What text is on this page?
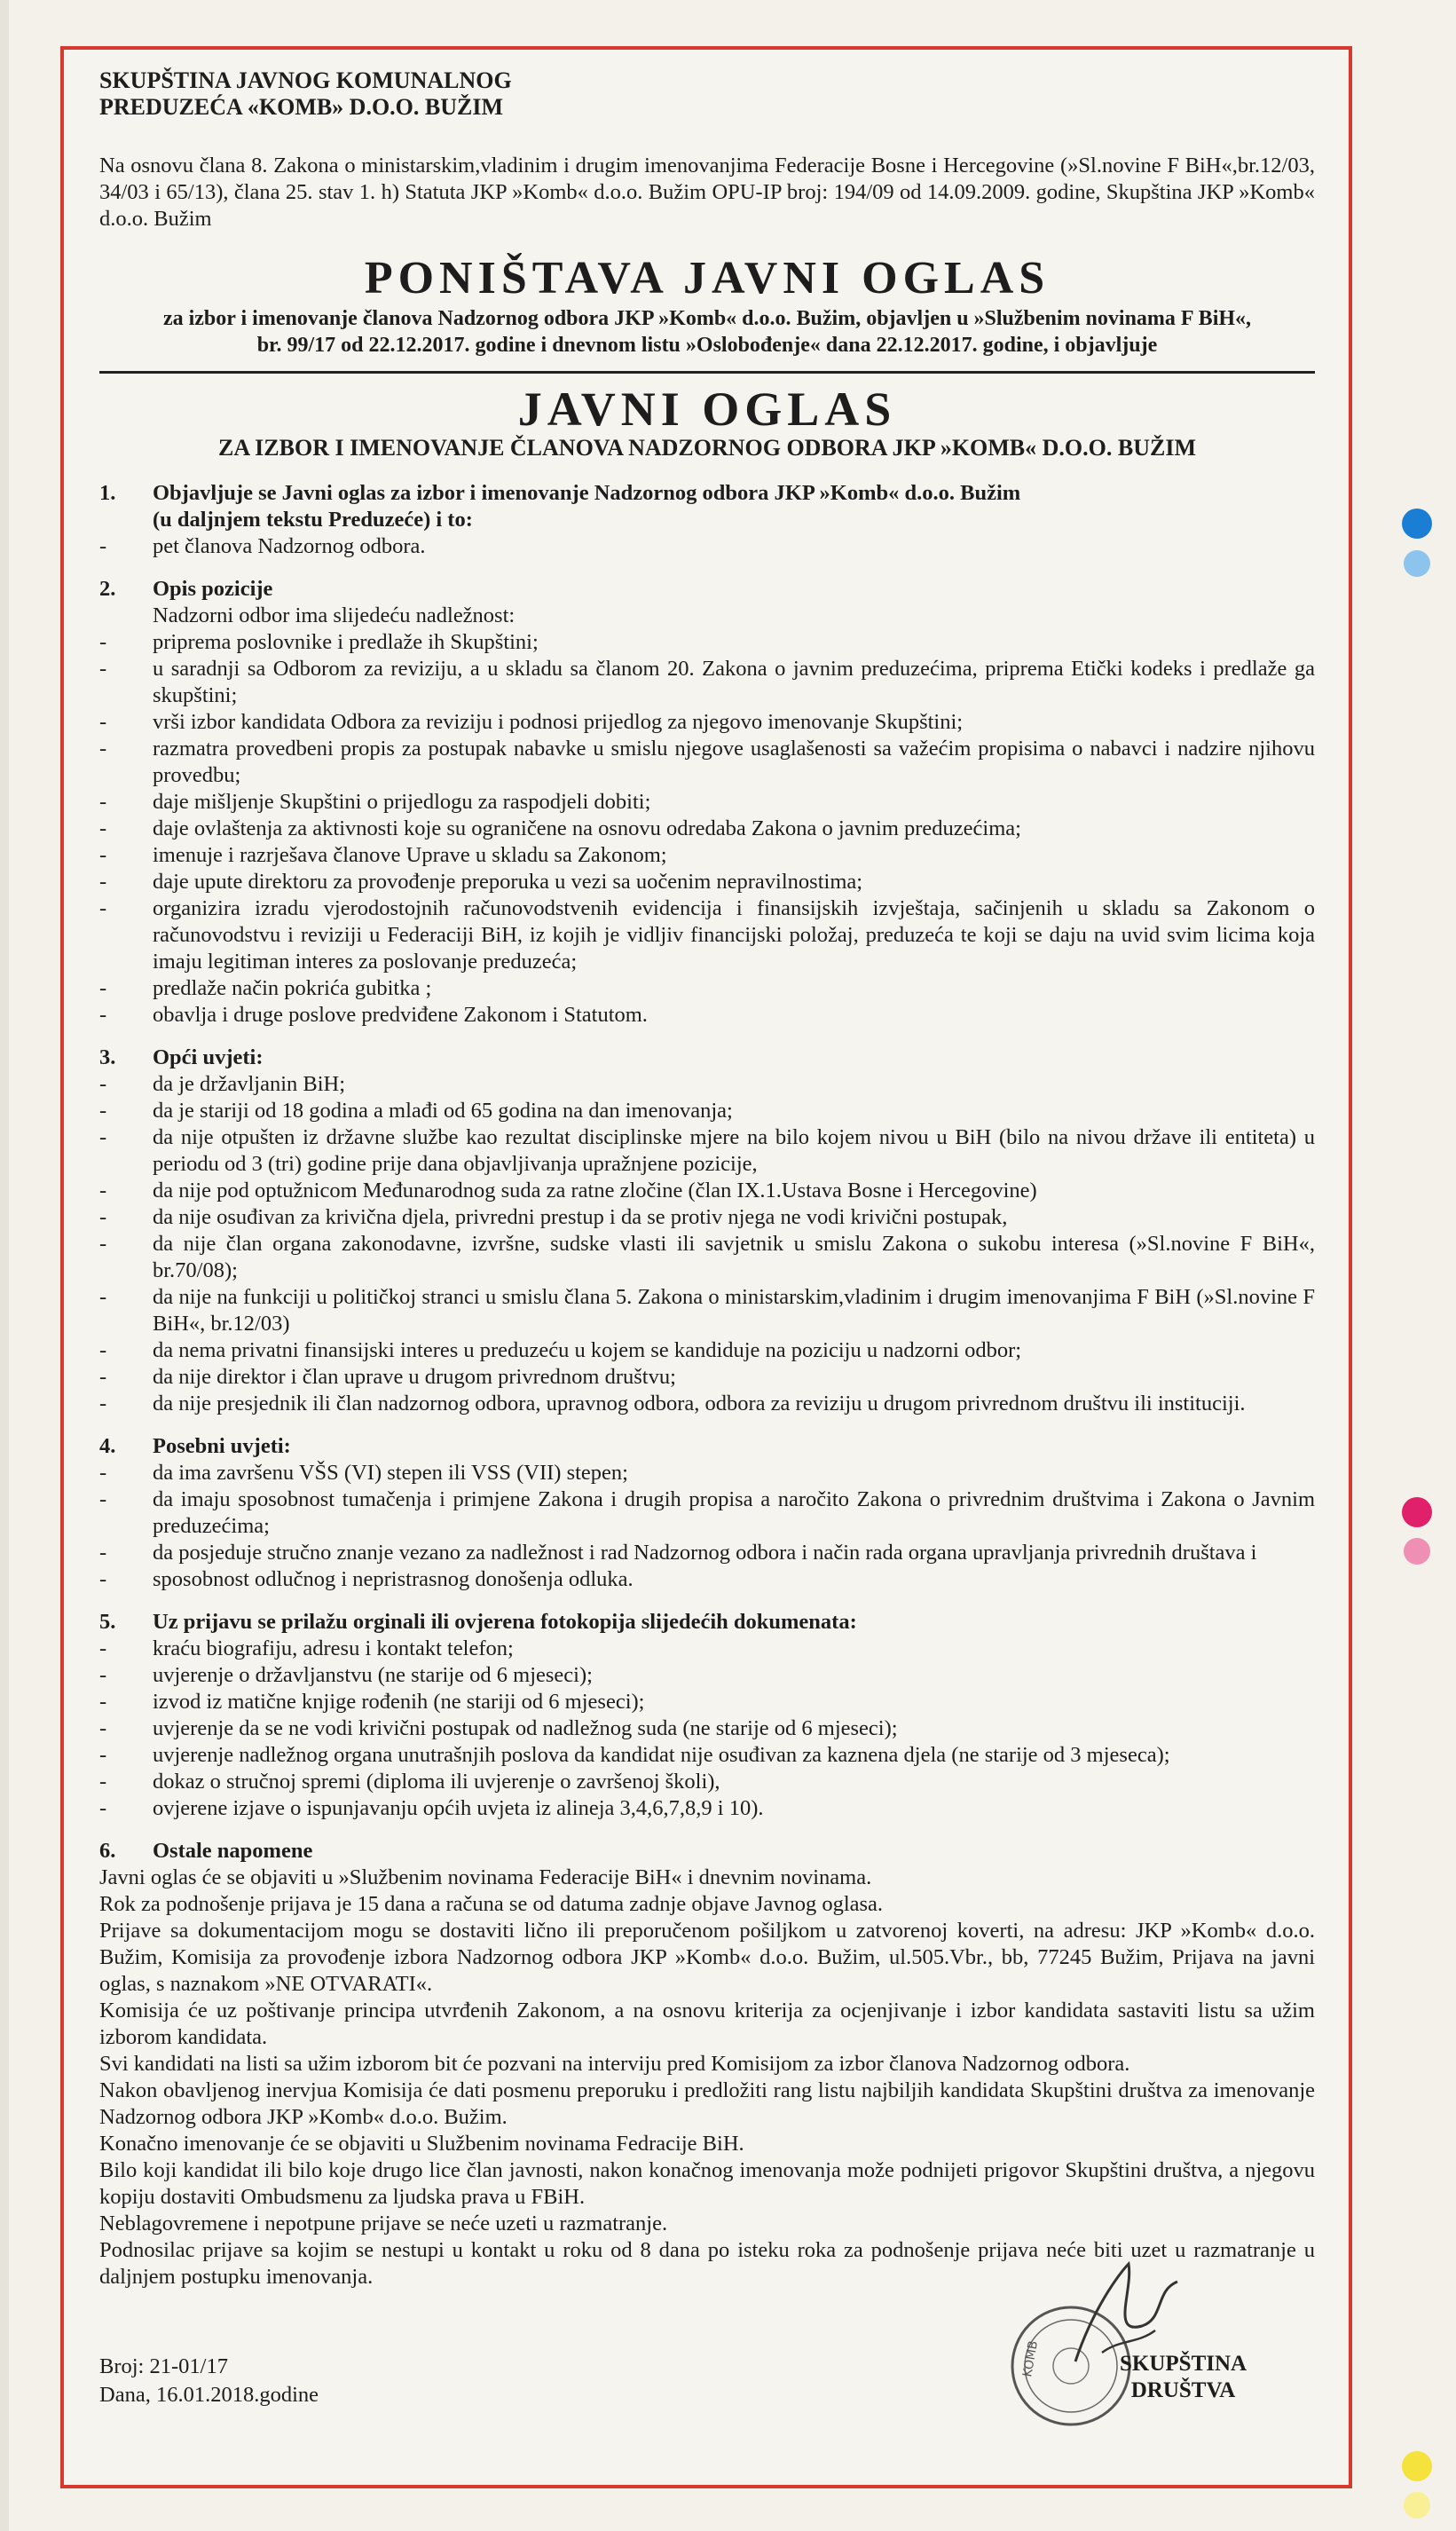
SKUPŠTINA JAVNOG KOMUNALNOG

PREDUZEĆA «KOMB» D.O.O. BUŽIM

Na osnovu člana 8. Zakona o ministarskim,vladinim i drugim imenovanjima Federacije Bosne i Hercegovine (»Sl.novine F BiH«,br.12/03, 34/03 i 65/13), člana 25. stav 1. h) Statuta JKP »Komb« d.o.o. Bužim OPU-IP broj: 194/09 od 14.09.2009. godine, Skupština JKP »Komb« d.o.o. Bužim

PONIŠTAVA JAVNI OGLAS

za izbor i imenovanje članova Nadzornog odbora JKP »Komb« d.o.o. Bužim, objavljen u »Službenim novinama F BiH«,

br. 99/17 od 22.12.2017. godine i dnevnom listu »Oslobođenje« dana 22.12.2017. godine, i objavljuje

JAVNI OGLAS

ZA IZBOR I IMENOVANJE ČLANOVA NADZORNOG ODBORA JKP »KOMB« D.O.O. BUŽIM

1.	Objavljuje se Javni oglas za izbor i imenovanje Nadzornog odbora JKP »Komb« d.o.o. Bužim
(u daljnjem tekstu Preduzeće) i to:
-	pet članova Nadzornog odbora.
2.	Opis pozicije
Nadzorni odbor ima slijedeću nadležnost:
-	priprema poslovnike i predlaže ih Skupštini;
-	u saradnji sa Odborom za reviziju, a u skladu sa članom 20. Zakona o javnim preduzećima, priprema Etički kodeks i predlaže ga skupštini;
-	vrši izbor kandidata Odbora za reviziju i podnosi prijedlog za njegovo imenovanje Skupštini;
-	razmatra provedbeni propis za postupak nabavke u smislu njegove usaglašenosti sa važećim propisima o nabavci i nadzire njihovu provedbu;
-	daje mišljenje Skupštini o prijedlogu za raspodjeli dobiti;
-	daje ovlaštenja za aktivnosti koje su ograničene na osnovu odredaba Zakona o javnim preduzećima;
-	imenuje i razrješava članove Uprave u skladu sa Zakonom;
-	daje upute direktoru za provođenje preporuka u vezi sa uočenim nepravilnostima;
-	organizira izradu vjerodostojnih računovodstvenih evidencija i finansijskih izvještaja, sačinjenih u skladu sa Zakonom o računovodstvu i reviziji u Federaciji BiH, iz kojih je vidljiv financijski položaj, preduzeća te koji se daju na uvid svim licima koja imaju legitiman interes za poslovanje preduzeća;
-	predlaže način pokrića gubitka ;
-	obavlja i druge poslove predviđene Zakonom i Statutom.
3.	Opći uvjeti:
-	da je državljanin BiH;
-	da je stariji od 18 godina a mlađi od 65 godina na dan imenovanja;
-	da nije otpušten iz državne službe kao rezultat disciplinske mjere na bilo kojem nivou u BiH (bilo na nivou države ili entiteta) u periodu od 3 (tri) godine prije dana objavljivanja upražnjene pozicije,
-	da nije pod optužnicom Međunarodnog suda za ratne zločine (član IX.1.Ustava Bosne i Hercegovine)
-	da nije osuđivan za krivična djela, privredni prestup i da se protiv njega ne vodi krivični postupak,
-	da nije član organa zakonodavne, izvršne, sudske vlasti ili savjetnik u smislu Zakona o sukobu interesa (»Sl.novine F BiH«, br.70/08);
-	da nije na funkciji u političkoj stranci u smislu člana 5. Zakona o ministarskim,vladinim i drugim imenovanjima F BiH (»Sl.novine F BiH«, br.12/03)
-	da nema privatni finansijski interes u preduzeću u kojem se kandiduje na poziciju u nadzorni odbor;
-	da nije direktor i član uprave u drugom privrednom društvu;
-	da nije presjednik ili član nadzornog odbora, upravnog odbora, odbora za reviziju u drugom privrednom društvu ili instituciji.
4.	Posebni uvjeti:
-	da ima završenu VŠS (VI) stepen ili VSS (VII) stepen;
-	da imaju sposobnost tumačenja i primjene Zakona i drugih propisa a naročito Zakona o privrednim društvima i Zakona o Javnim preduzećima;
-	da posjeduje stručno znanje vezano za nadležnost i rad Nadzornog odbora i način rada organa upravljanja privrednih društava i
-	sposobnost odlučnog i nepristrasnog donošenja odluka.
5.	Uz prijavu se prilažu orginali ili ovjerena fotokopija slijedećih dokumenata:
-	kraću biografiju, adresu i kontakt telefon;
-	uvjerenje o državljanstvu (ne starije od 6 mjeseci);
-	izvod iz matične knjige rođenih (ne stariji od 6 mjeseci);
-	uvjerenje da se ne vodi krivični postupak od nadležnog suda (ne starije od 6 mjeseci);
-	uvjerenje nadležnog organa unutrašnjih poslova da kandidat nije osuđivan za kaznena djela (ne starije od 3 mjeseca);
-	dokaz o stručnoj spremi (diploma ili uvjerenje o završenoj školi),
-	ovjerene izjave o ispunjavanju općih uvjeta iz alineja 3,4,6,7,8,9 i 10).
6.	Ostale napomene

Javni oglas će se objaviti u »Službenim novinama Federacije BiH« i dnevnim novinama.

Rok za podnošenje prijava je 15 dana a računa se od datuma zadnje objave Javnog oglasa.

Prijave sa dokumentacijom mogu se dostaviti lično ili preporučenom pošiljkom u zatvorenoj koverti, na adresu: JKP »Komb« d.o.o. Bužim, Komisija za provođenje izbora Nadzornog odbora JKP »Komb« d.o.o. Bužim, ul.505.Vbr., bb, 77245 Bužim, Prijava na javni oglas, s naznakom »NE OTVARATI«.

Komisija će uz poštivanje principa utvrđenih Zakonom, a na osnovu kriterija za ocjenjivanje i izbor kandidata sastaviti listu sa užim izborom kandidata.

Svi kandidati na listi sa užim izborom bit će pozvani na interviju pred Komisijom za izbor članova Nadzornog odbora.

Nakon obavljenog inervjua Komisija će dati posmenu preporuku i predložiti rang listu najbiljih kandidata Skupštini društva za imenovanje Nadzornog odbora JKP »Komb« d.o.o. Bužim.

Konačno imenovanje će se objaviti u Službenim novinama Fedracije BiH.

Bilo koji kandidat ili bilo koje drugo lice član javnosti, nakon konačnog imenovanja može podnijeti prigovor Skupštini društva, a njegovu kopiju dostaviti Ombudsmenu za ljudska prava u FBiH.

Neblagovremene i nepotpune prijave se neće uzeti u razmatranje.

Podnosilac prijave sa kojim se nestupi u kontakt u roku od 8 dana po isteku roka za podnošenje prijava neće biti uzet u razmatranje u daljnjem postupku imenovanja.

Broj: 21-01/17

Dana, 16.01.2018.godine

KOMB	SKUPŠTINA
DRUŠTVA
